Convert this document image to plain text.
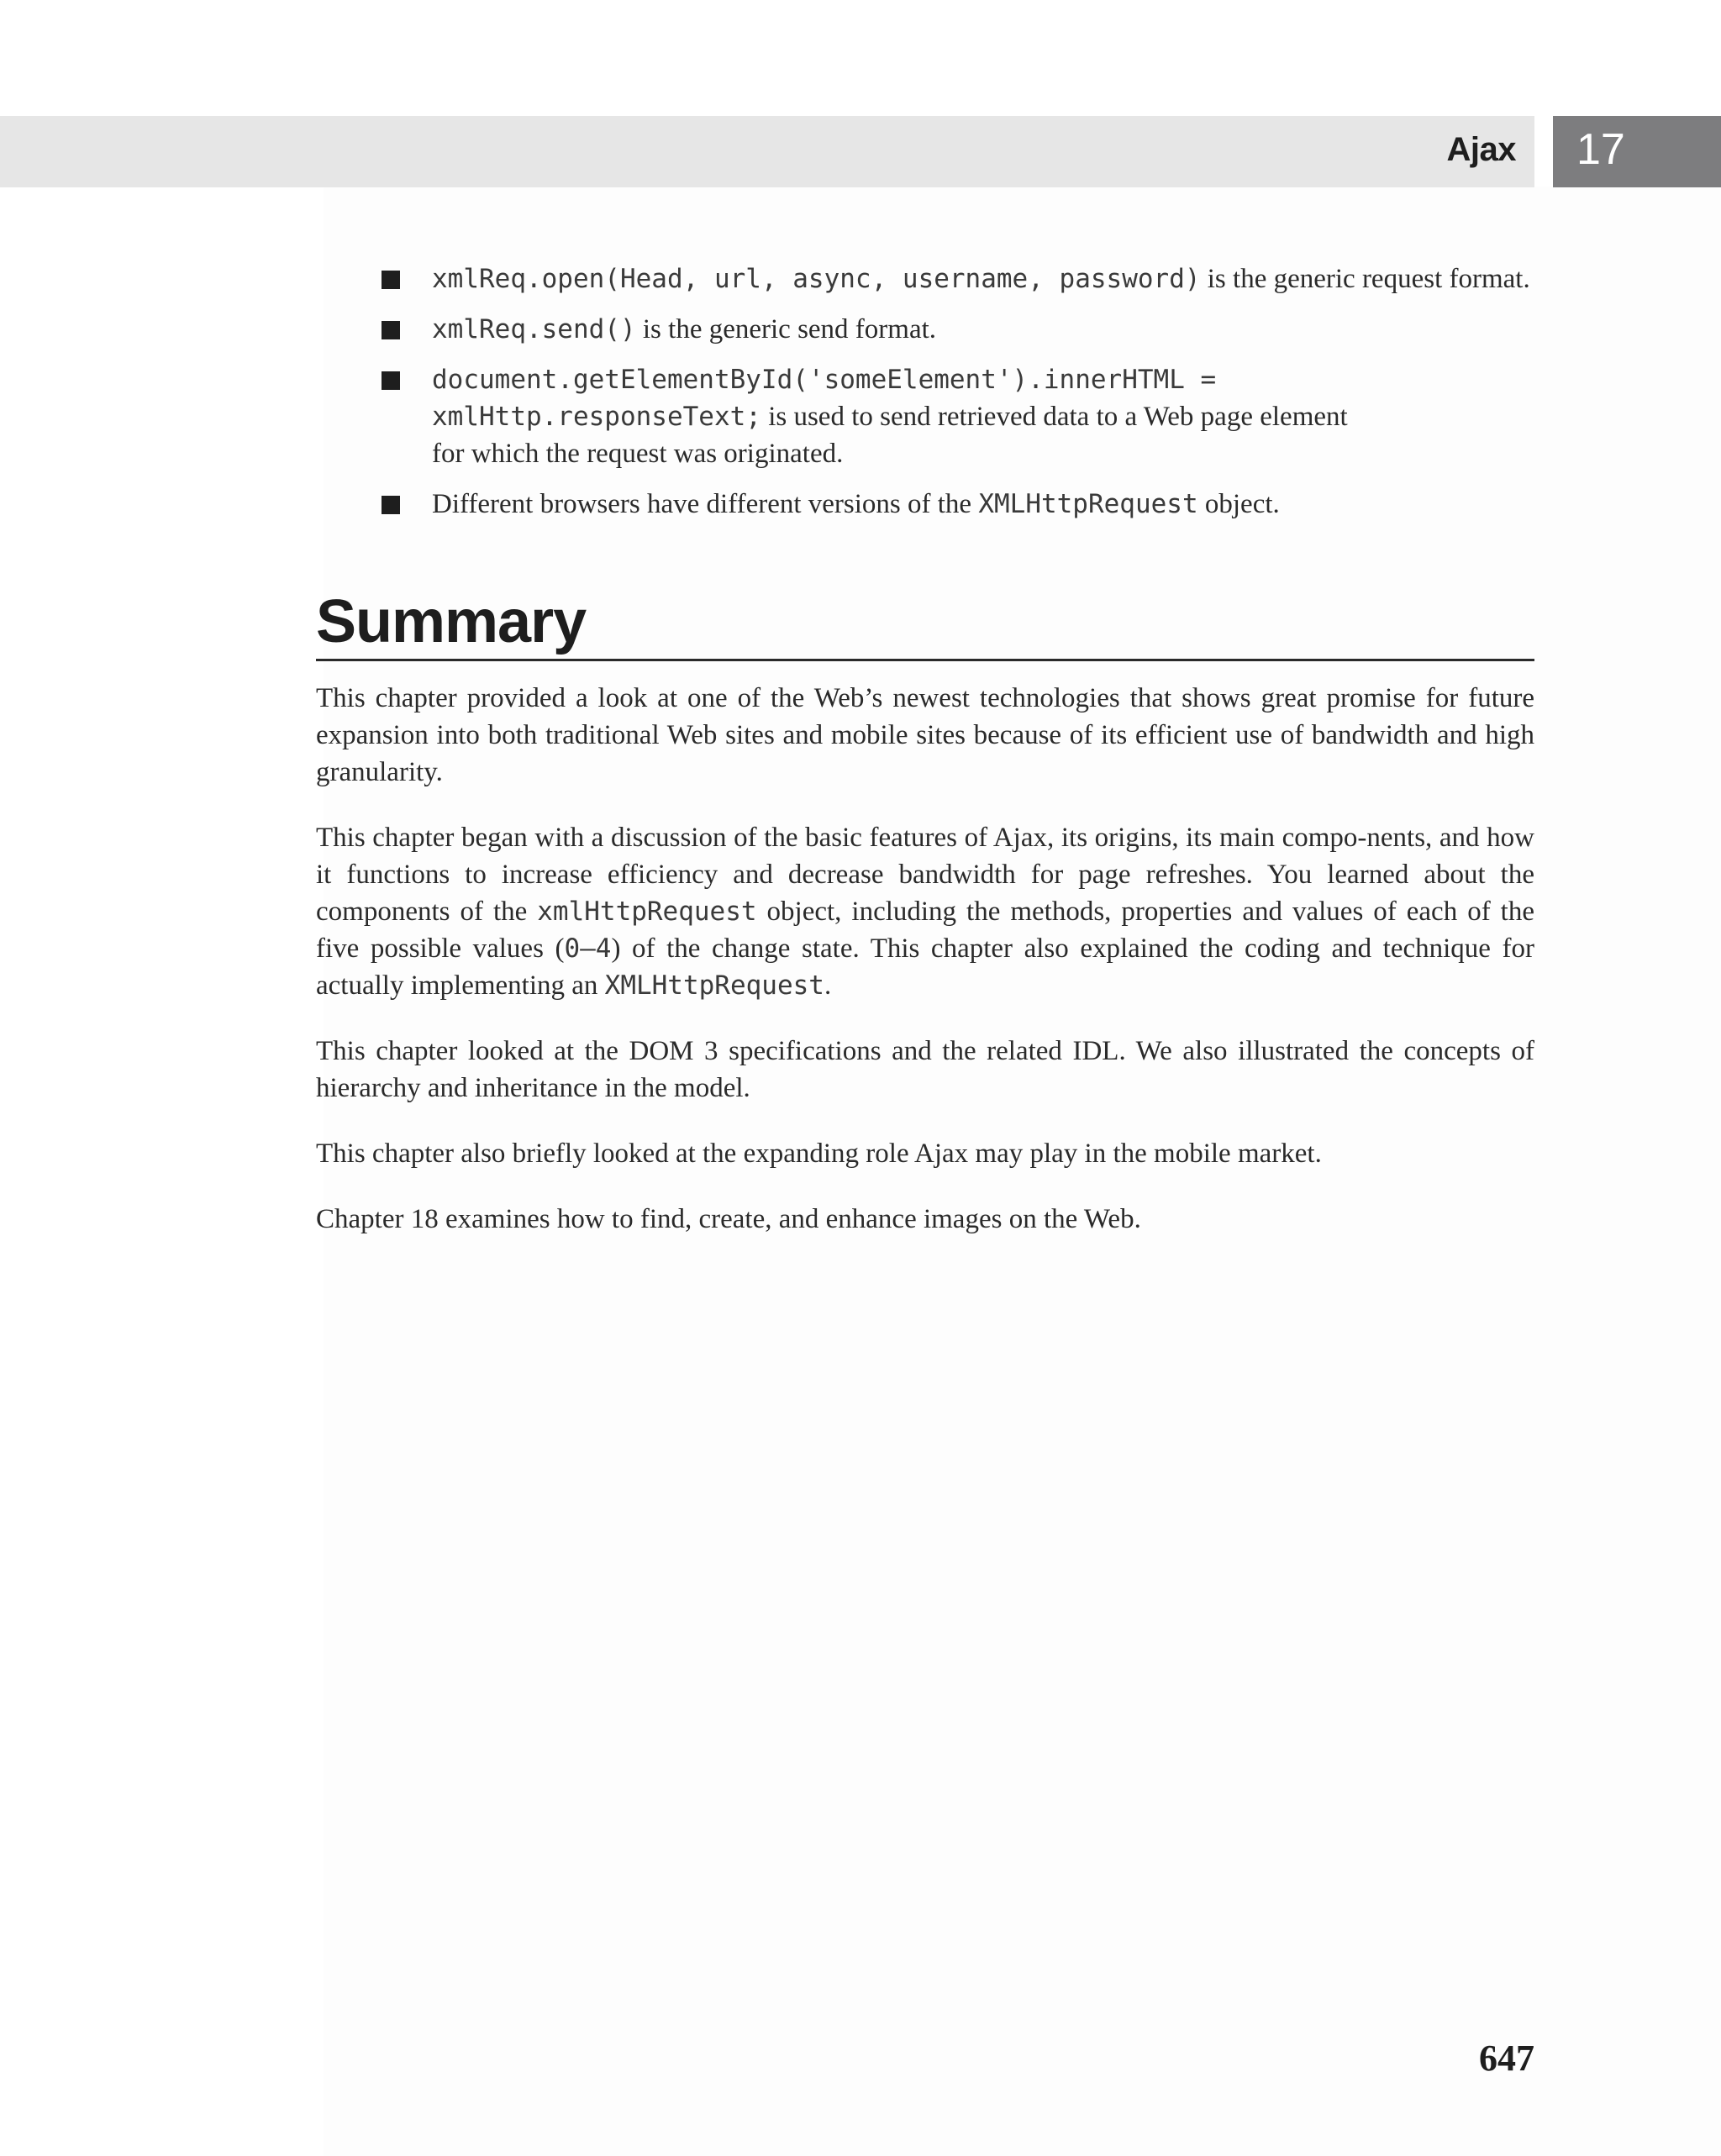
Ajax 17
xmlReq.open(Head, url, async, username, password) is the generic request format.
xmlReq.send() is the generic send format.
document.getElementById('someElement').innerHTML =
xmlHttp.responseText; is used to send retrieved data to a Web page element
for which the request was originated.
Different browsers have different versions of the XMLHttpRequest object.
Summary

This chapter provided a look at one of the Web’s newest technologies that shows great promise for future expansion into both traditional Web sites and mobile sites because of its efficient use of bandwidth and high granularity.

This chapter began with a discussion of the basic features of Ajax, its origins, its main compo-nents, and how it functions to increase efficiency and decrease bandwidth for page refreshes. You learned about the components of the xmlHttpRequest object, including the methods, properties and values of each of the five possible values (0–4) of the change state. This chapter also explained the coding and technique for actually implementing an XMLHttpRequest.

This chapter looked at the DOM 3 specifications and the related IDL. We also illustrated the concepts of hierarchy and inheritance in the model.

This chapter also briefly looked at the expanding role Ajax may play in the mobile market.

Chapter 18 examines how to find, create, and enhance images on the Web.

647
